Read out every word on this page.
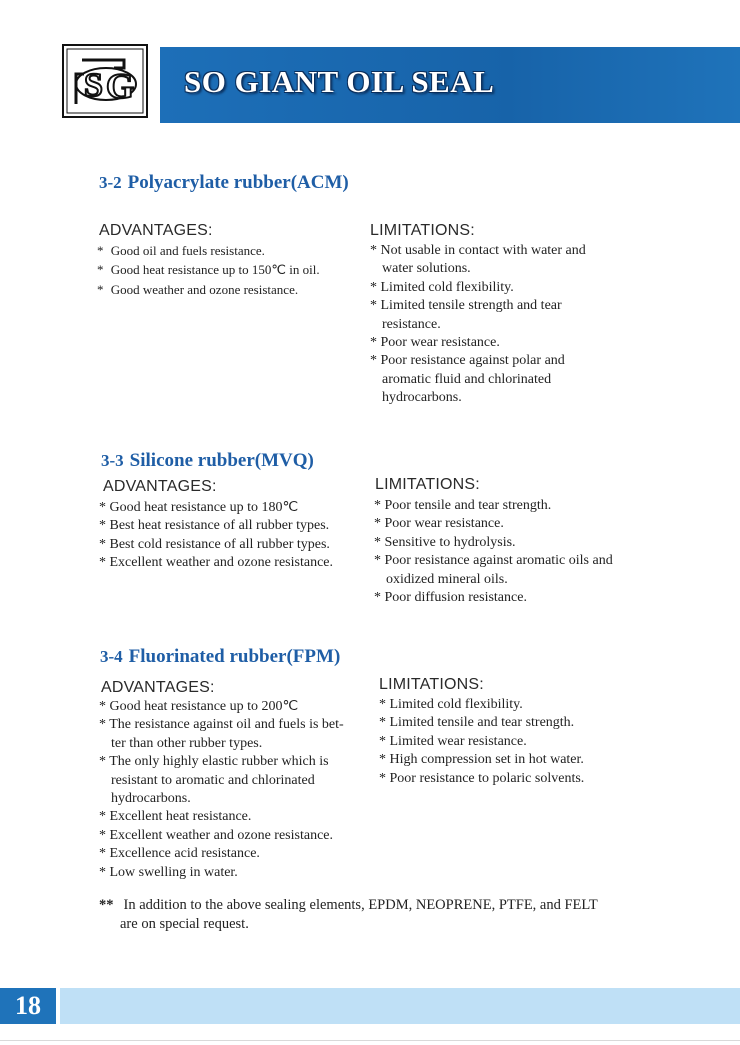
S G SO GIANT OIL SEAL
3-2 Polyacrylate rubber(ACM)
ADVANTAGES:
* Good oil and fuels resistance.
* Good heat resistance up to 150℃ in oil.
* Good weather and ozone resistance.
LIMITATIONS:
* Not usable in contact with water and
water solutions.
* Limited cold flexibility.
* Limited tensile strength and tear
resistance.
* Poor wear resistance.
* Poor resistance against polar and
aromatic fluid and chlorinated
hydrocarbons.
3-3 Silicone rubber(MVQ)
ADVANTAGES:
* Good heat resistance up to 180℃
* Best heat resistance of all rubber types.
* Best cold resistance of all rubber types.
* Excellent weather and ozone resistance.
LIMITATIONS:
* Poor tensile and tear strength.
* Poor wear resistance.
* Sensitive to hydrolysis.
* Poor resistance against aromatic oils and
oxidized mineral oils.
* Poor diffusion resistance.
3-4 Fluorinated rubber(FPM)
ADVANTAGES:
* Good heat resistance up to 200℃
* The resistance against oil and fuels is bet-
ter than other rubber types.
* The only highly elastic rubber which is
resistant to aromatic and chlorinated
hydrocarbons.
* Excellent heat resistance.
* Excellent weather and ozone resistance.
* Excellence acid resistance.
* Low swelling in water.
LIMITATIONS:
* Limited cold flexibility.
* Limited tensile and tear strength.
* Limited wear resistance.
* High compression set in hot water.
* Poor resistance to polaric solvents.
** In addition to the above sealing elements, EPDM, NEOPRENE, PTFE, and FELT
are on special request.
18
